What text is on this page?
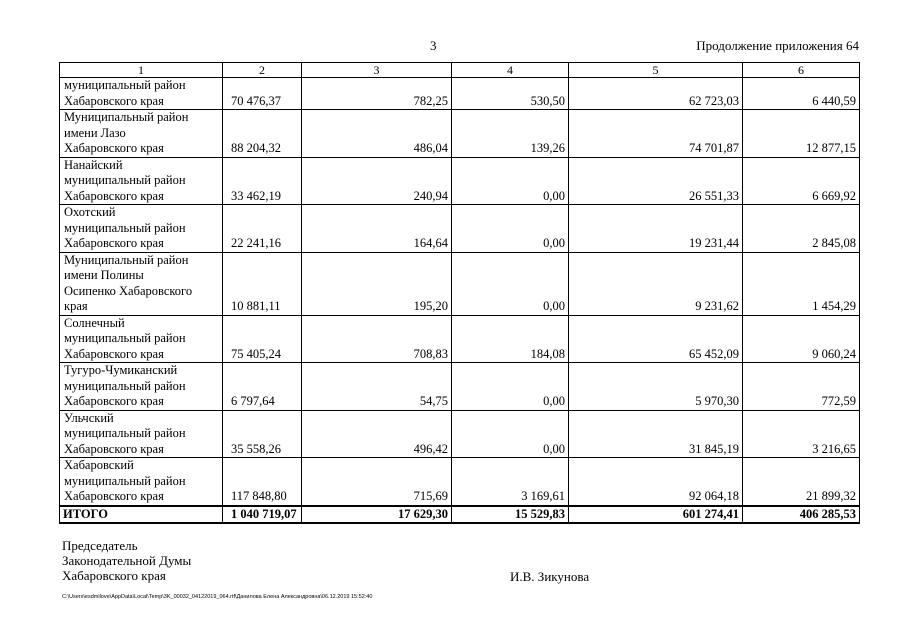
3	Продолжение приложения 64
1	2	3	4	5	6

муниципальный район
Хабаровского края	70 476,37	782,25	530,50	62 723,03	6 440,59

Муниципальный район
имени Лазо
Хабаровского края	88 204,32	486,04	139,26	74 701,87	12 877,15

Нанайский
муниципальный район
Хабаровского края	33 462,19	240,94	0,00	26 551,33	6 669,92

Охотский
муниципальный район
Хабаровского края	22 241,16	164,64	0,00	19 231,44	2 845,08

Муниципальный район
имени Полины
Осипенко Хабаровского
края	10 881,11	195,20	0,00	9 231,62	1 454,29

Солнечный
муниципальный район
Хабаровского края	75 405,24	708,83	184,08	65 452,09	9 060,24

Тугуро-Чумиканский
муниципальный район
Хабаровского края	6 797,64	54,75	0,00	5 970,30	772,59

Ульчский
муниципальный район
Хабаровского края	35 558,26	496,42	0,00	31 845,19	3 216,65

Хабаровский
муниципальный район
Хабаровского края	117 848,80	715,69	3 169,61	92 064,18	21 899,32
ИТОГО	1 040 719,07	17 629,30	15 529,83	601 274,41	406 285,53
Председатель
Законодательной Думы
Хабаровского края	И.В. Зикунова
C:\Users\esdmilove\AppData\Local\Temp\3K_00032_04122019_064.rtf\Данилова Елена Александровна\06.12.2019 15:52:40
